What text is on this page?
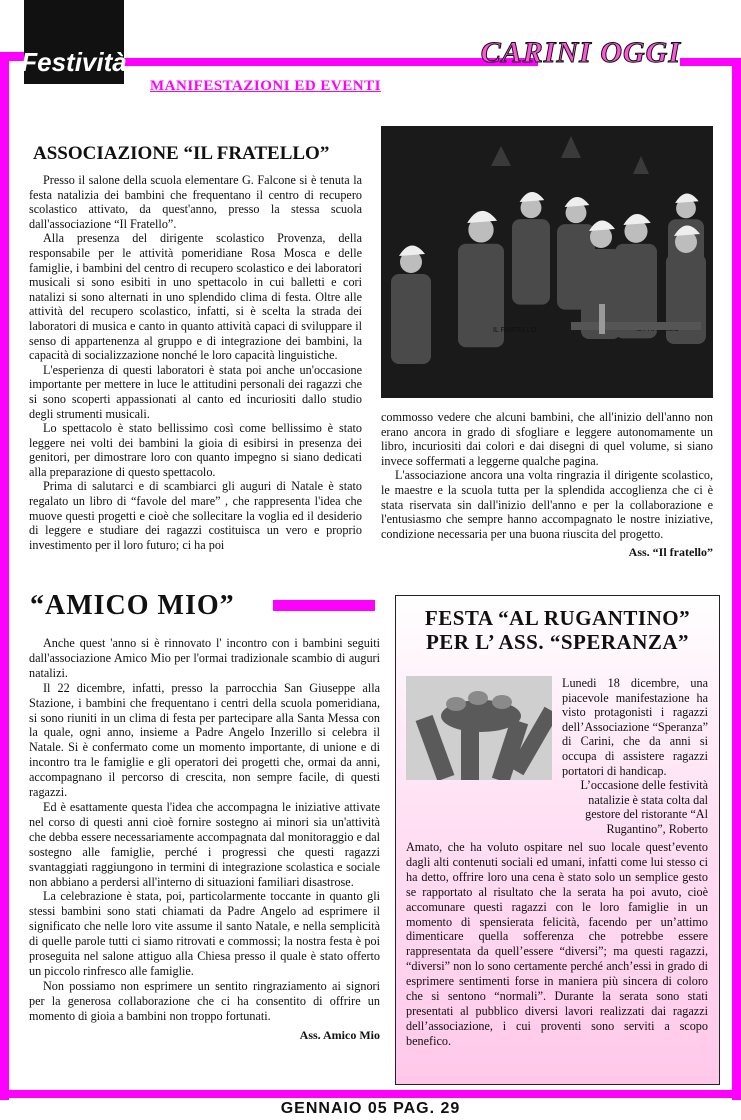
Festività	CARINI OGGI
MANIFESTAZIONI ED EVENTI
ASSOCIAZIONE “IL FRATELLO”

Presso il salone della scuola elementare G. Falcone si è tenuta la festa natalizia dei bambini che frequentano il centro di recupero scolastico attivato, da quest'anno, presso la stessa scuola dall'associazione “Il Fratello”.

Alla presenza del dirigente scolastico Provenza, della responsabile per le attività pomeridiane Rosa Mosca e delle famiglie, i bambini del centro di recupero scolastico e dei laboratori musicali si sono esibiti in uno spettacolo in cui balletti e cori natalizi si sono alternati in uno splendido clima di festa. Oltre alle attività del recupero scolastico, infatti, si è scelta la strada dei laboratori di musica e canto in quanto attività capaci di sviluppare il senso di appartenenza al gruppo e di integrazione dei bambini, la capacità di socializzazione nonché le loro capacità linguistiche.

L'esperienza di questi laboratori è stata poi anche un'occasione importante per mettere in luce le attitudini personali dei ragazzi che si sono scoperti appassionati al canto ed incuriositi dallo studio degli strumenti musicali.

Lo spettacolo è stato bellissimo così come bellissimo è stato leggere nei volti dei bambini la gioia di esibirsi in presenza dei genitori, per dimostrare loro con quanto impegno si siano dedicati alla preparazione di questo spettacolo.

Prima di salutarci e di scambiarci gli auguri di Natale è stato regalato un libro di “favole del mare” , che rappresenta l'idea che muove questi progetti e cioè che sollecitare la voglia ed il desiderio di leggere e studiare dei ragazzi costituisca un vero e proprio investimento per il loro futuro; ci ha poi

IL FRATELLO

commosso vedere che alcuni bambini, che all'inizio dell'anno non erano ancora in grado di sfogliare e leggere autonomamente un libro, incuriositi dai colori e dai disegni di quel volume, si siano invece soffermati a leggerne qualche pagina.

L'associazione ancora una volta ringrazia il dirigente scolastico, le maestre e la scuola tutta per la splendida accoglienza che ci è stata riservata sin dall'inizio dell'anno e per la collaborazione e l'entusiasmo che sempre hanno accompagnato le nostre iniziative, condizione necessaria per una buona riuscita del progetto.

Ass. “Il fratello”

“AMICO MIO”

Anche quest 'anno si è rinnovato l' incontro con i bambini seguiti dall'associazione Amico Mio per l'ormai tradizionale scambio di auguri natalizi.

Il 22 dicembre, infatti, presso la parrocchia San Giuseppe alla Stazione, i bambini che frequentano i centri della scuola pomeridiana, si sono riuniti in un clima di festa per partecipare alla Santa Messa con la quale, ogni anno, insieme a Padre Angelo Inzerillo si celebra il Natale. Si è confermato come un momento importante, di unione e di incontro tra le famiglie e gli operatori dei progetti che, ormai da anni, accompagnano il percorso di crescita, non sempre facile, di questi ragazzi.

Ed è esattamente questa l'idea che accompagna le iniziative attivate nel corso di questi anni cioè fornire sostegno ai minori sia un'attività che debba essere necessariamente accompagnata dal monitoraggio e dal sostegno alle famiglie, perché i progressi che questi ragazzi svantaggiati raggiungono in termini di integrazione scolastica e sociale non abbiano a perdersi all'interno di situazioni familiari disastrose.

La celebrazione è stata, poi, particolarmente toccante in quanto gli stessi bambini sono stati chiamati da Padre Angelo ad esprimere il significato che nelle loro vite assume il santo Natale, e nella semplicità di quelle parole tutti ci siamo ritrovati e commossi; la nostra festa è poi proseguita nel salone attiguo alla Chiesa presso il quale è stato offerto un piccolo rinfresco alle famiglie.

Non possiamo non esprimere un sentito ringraziamento ai signori per la generosa collaborazione che ci ha consentito di offrire un momento di gioia a bambini non troppo fortunati.

Ass. Amico Mio

FESTA “AL RUGANTINO”
PER L’ ASS. “SPERANZA”

Lunedi 18 dicembre, una piacevole manifestazione ha visto protagonisti i ragazzi dell’Associazione “Speranza” di Carini, che da anni si occupa di assistere ragazzi portatori di handicap.

L’occasione delle festività natalizie è stata colta dal gestore del ristorante “Al Rugantino”, Roberto

Amato, che ha voluto ospitare nel suo locale quest’evento dagli alti contenuti sociali ed umani, infatti come lui stesso ci ha detto, offrire loro una cena è stato solo un semplice gesto se rapportato al risultato che la serata ha poi avuto, cioè accomunare questi ragazzi con le loro famiglie in un momento di spensierata felicità, facendo per un’attimo dimenticare quella sofferenza che potrebbe essere rappresentata da quell’essere “diversi”; ma questi ragazzi, “diversi” non lo sono certamente perché anch’essi in grado di esprimere sentimenti forse in maniera più sincera di coloro che si sentono “normali”. Durante la serata sono stati presentati al pubblico diversi lavori realizzati dai ragazzi dell’associazione, i cui proventi sono serviti a scopo benefico.

GENNAIO 05 PAG. 29
